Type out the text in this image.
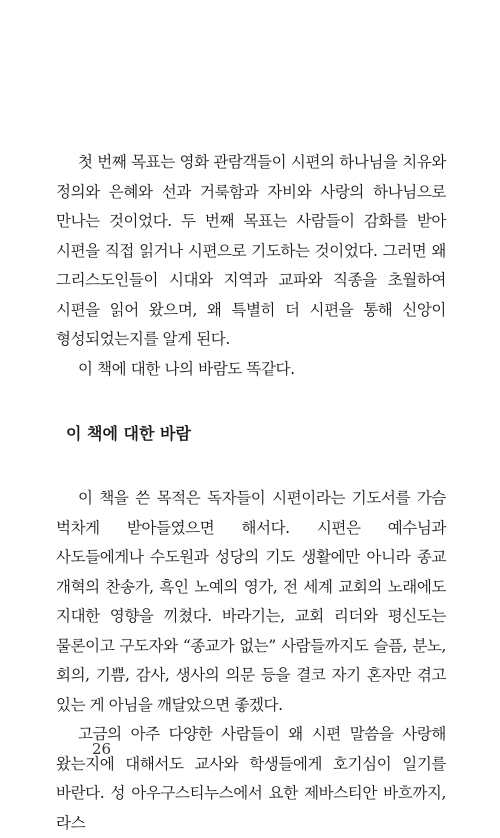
첫 번째 목표는 영화 관람객들이 시편의 하나님을 치유와 정의와 은혜와 선과 거룩함과 자비와 사랑의 하나님으로 만나는 것이었다. 두 번째 목표는 사람들이 감화를 받아 시편을 직접 읽거나 시편으로 기도하는 것이었다. 그러면 왜 그리스도인들이 시대와 지역과 교파와 직종을 초월하여 시편을 읽어 왔으며, 왜 특별히 더 시편을 통해 신앙이 형성되었는지를 알게 된다.

이 책에 대한 나의 바람도 똑같다.

이 책에 대한 바람

이 책을 쓴 목적은 독자들이 시편이라는 기도서를 가슴 벅차게 받아들였으면 해서다. 시편은 예수님과 사도들에게나 수도원과 성당의 기도 생활에만 아니라 종교 개혁의 찬송가, 흑인 노예의 영가, 전 세계 교회의 노래에도 지대한 영향을 끼쳤다. 바라기는, 교회 리더와 평신도는 물론이고 구도자와 “종교가 없는” 사람들까지도 슬픔, 분노, 회의, 기쁨, 감사, 생사의 의문 등을 결코 자기 혼자만 겪고 있는 게 아님을 깨달았으면 좋겠다.

고금의 아주 다양한 사람들이 왜 시편 말씀을 사랑해 왔는지에 대해서도 교사와 학생들에게 호기심이 일기를 바란다. 성 아우구스티누스에서 요한 제바스티안 바흐까지, 라스

26
